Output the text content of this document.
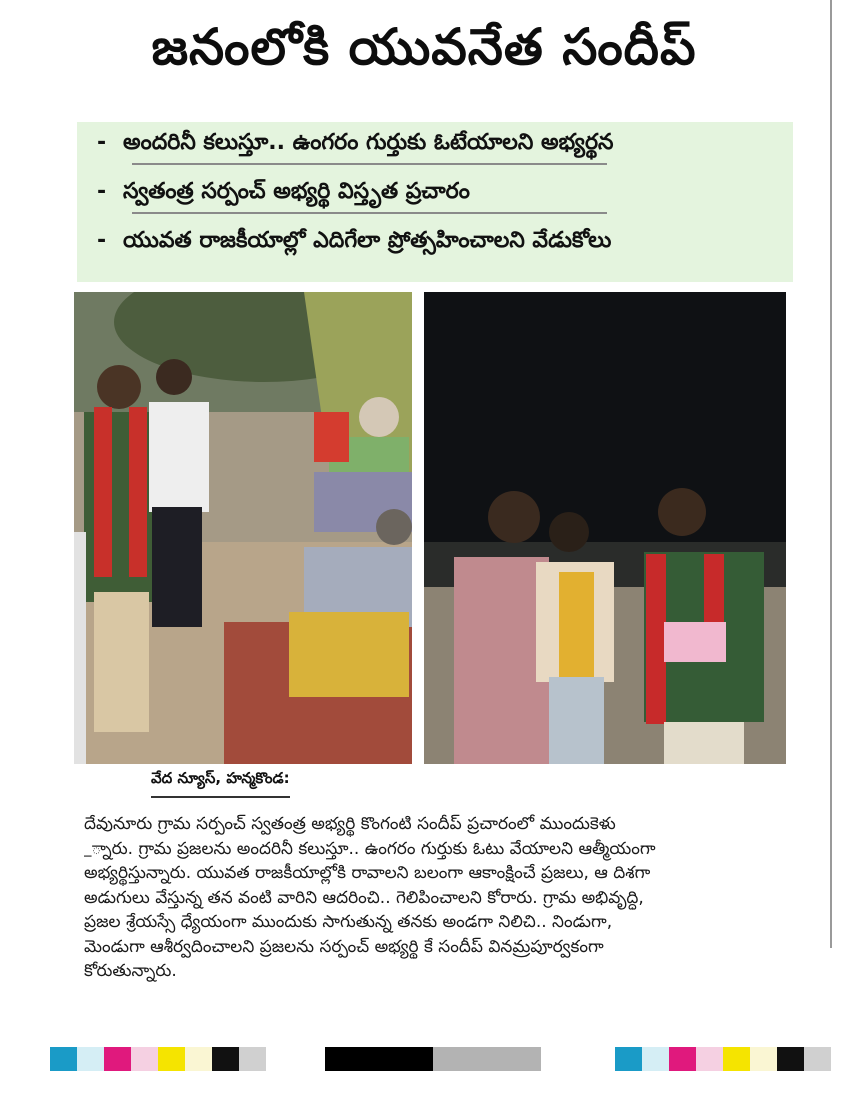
జనంలోకి యువనేత సందీప్
- అందరినీ కలుస్తూ.. ఉంగరం గుర్తుకు ఓటేయాలని అభ్యర్థన
- స్వతంత్ర సర్పంచ్ అభ్యర్థి విస్తృత ప్రచారం
- యువత రాజకీయాల్లో ఎదిగేలా ప్రోత్సహించాలని వేడుకోలు
వేద న్యూస్, హన్మకొండ:
దేవునూరు గ్రామ సర్పంచ్ స్వతంత్ర అభ్యర్థి కొంగంటి సందీప్ ప్రచారంలో ముందుకెళు
_్నారు. గ్రామ ప్రజలను అందరినీ కలుస్తూ.. ఉంగరం గుర్తుకు ఓటు వేయాలని ఆత్మీయంగా
అభ్యర్థిస్తున్నారు. యువత రాజకీయాల్లోకి రావాలని బలంగా ఆకాంక్షించే ప్రజలు, ఆ దిశగా
అడుగులు వేస్తున్న తన వంటి వారిని ఆదరించి.. గెలిపించాలని కోరారు. గ్రామ అభివృద్ధి,
ప్రజల శ్రేయస్సే ధ్యేయంగా ముందుకు సాగుతున్న తనకు అండగా నిలిచి.. నిండుగా,
మెండుగా ఆశీర్వదించాలని ప్రజలను సర్పంచ్ అభ్యర్థి కే సందీప్ వినమ్రపూర్వకంగా
కోరుతున్నారు.
